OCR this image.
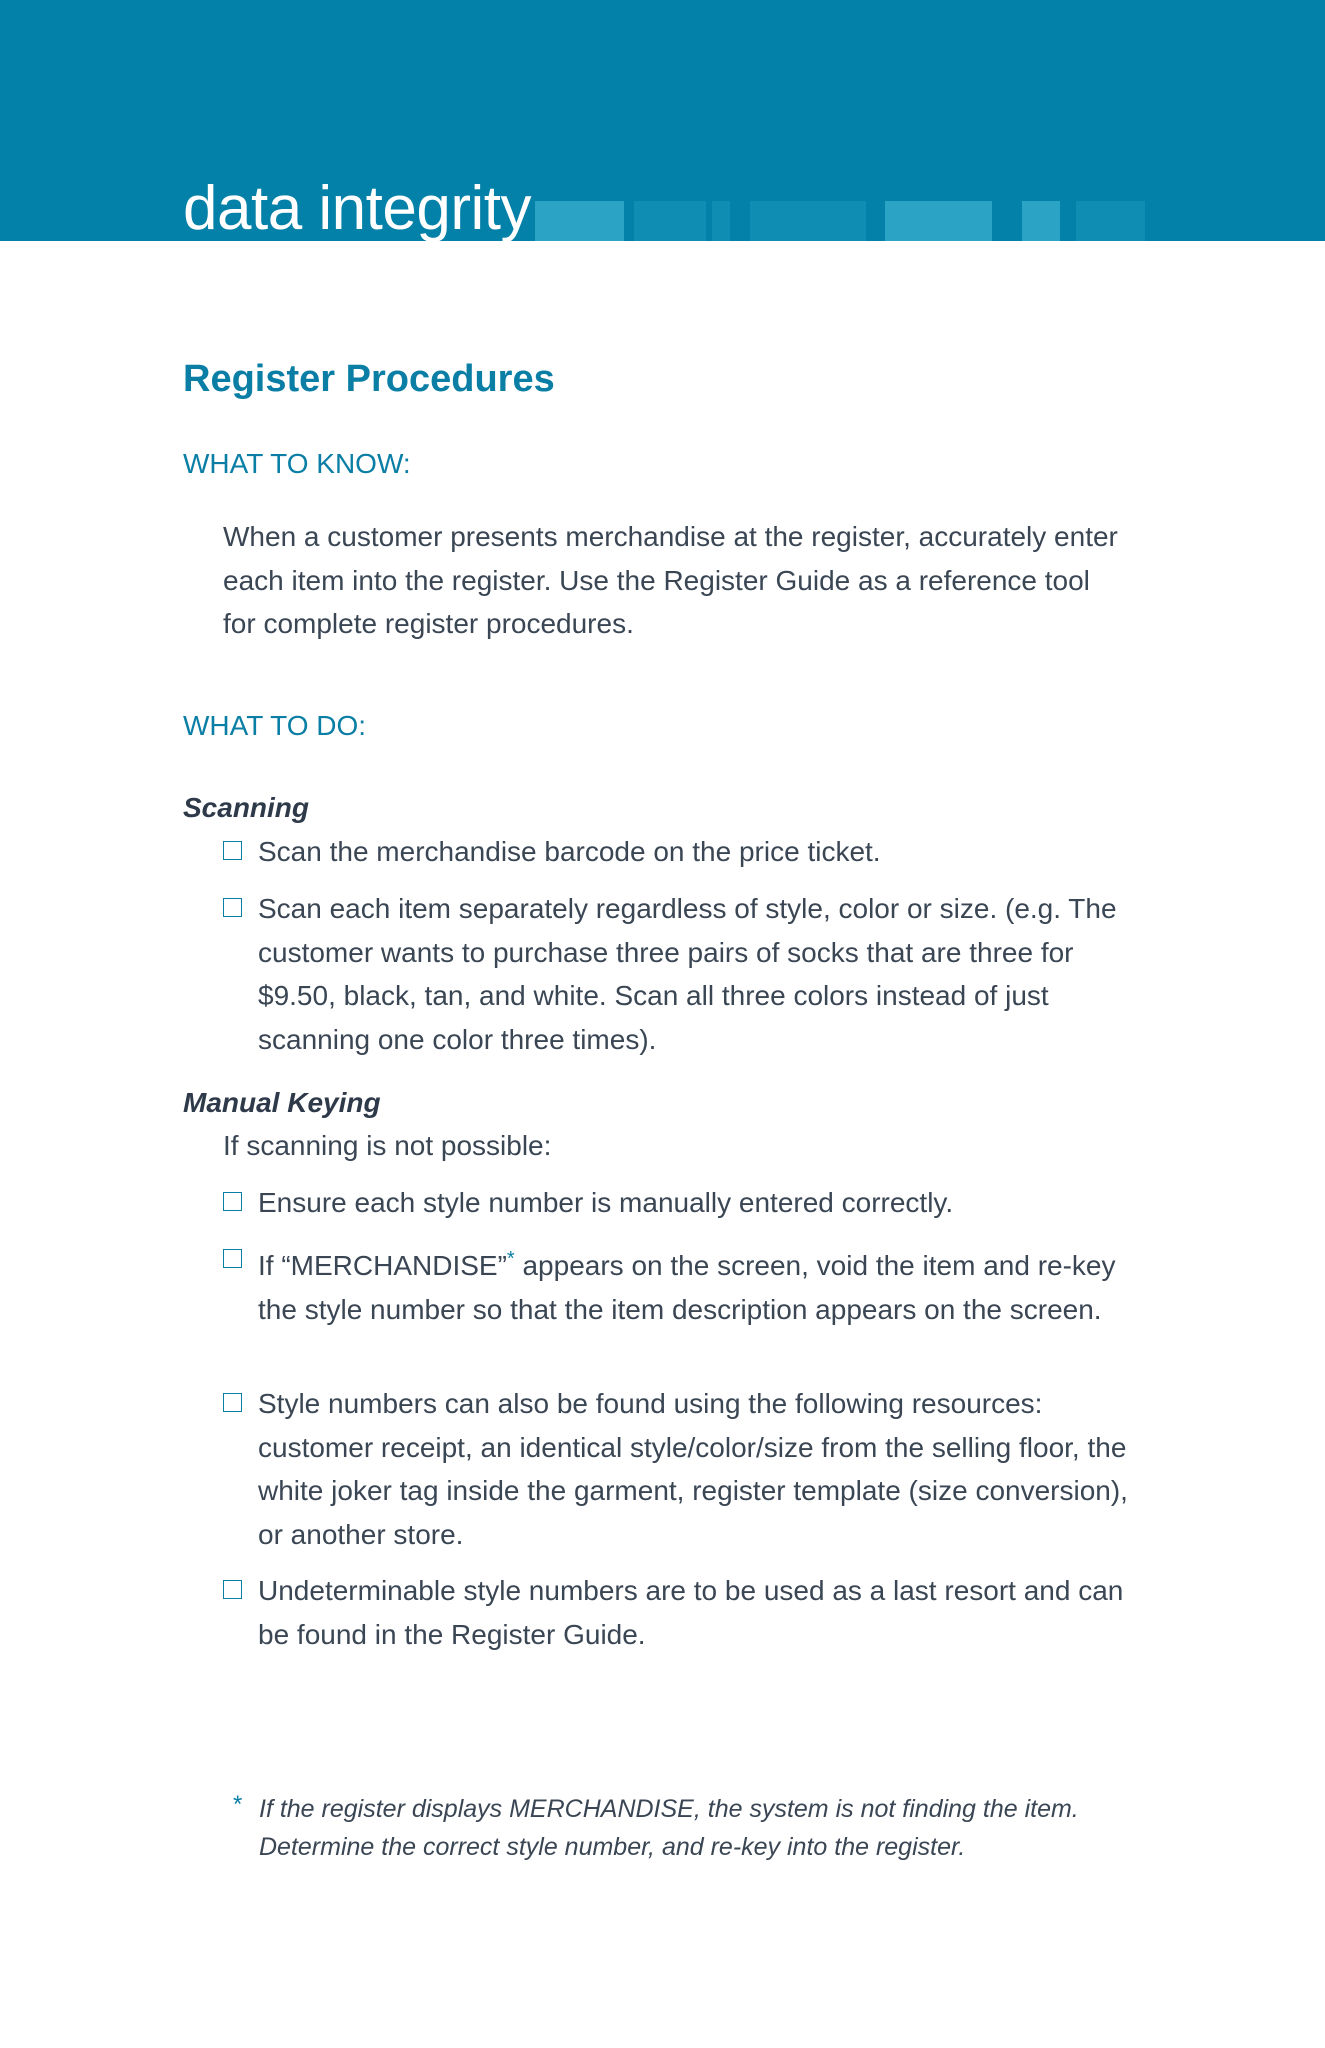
data integrity
Register Procedures
WHAT TO KNOW:

When a customer presents merchandise at the register, accurately enter each item into the register. Use the Register Guide as a reference tool for complete register procedures.

WHAT TO DO:
Scanning
Scan the merchandise barcode on the price ticket.
Scan each item separately regardless of style, color or size. (e.g. The customer wants to purchase three pairs of socks that are three for $9.50, black, tan, and white. Scan all three colors instead of just scanning one color three times).
Manual Keying

If scanning is not possible:

Ensure each style number is manually entered correctly.
If “MERCHANDISE”* appears on the screen, void the item and re-key the style number so that the item description appears on the screen.
Style numbers can also be found using the following resources: customer receipt, an identical style/color/size from the selling floor, the white joker tag inside the garment, register template (size conversion), or another store.
Undeterminable style numbers are to be used as a last resort and can be found in the Register Guide.

* If the register displays MERCHANDISE, the system is not finding the item. Determine the correct style number, and re-key into the register.
